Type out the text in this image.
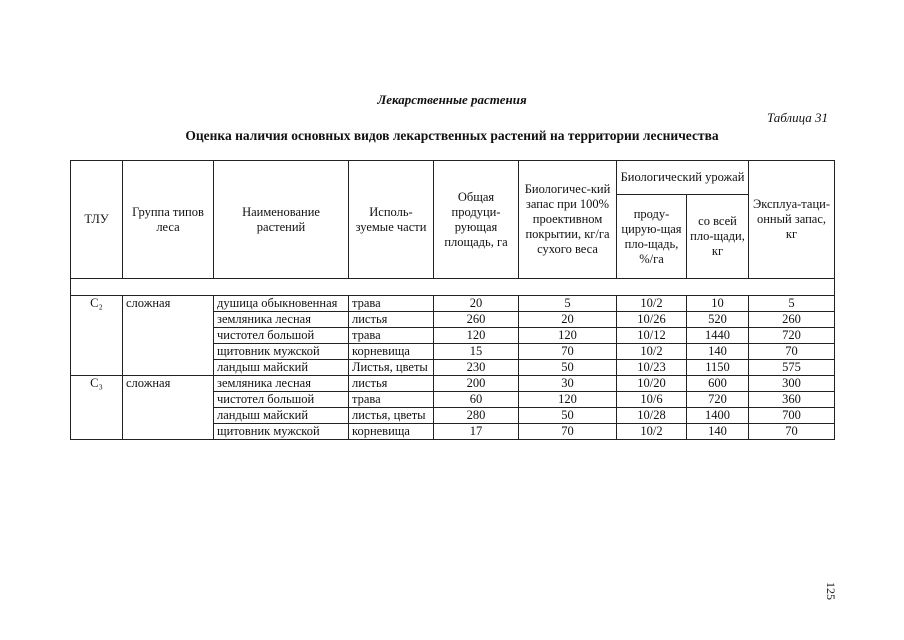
Лекарственные растения
Таблица 31
Оценка наличия основных видов лекарственных растений на территории лесничества
ТЛУ	Группа типов леса	Наименование растений	Исполь-зуемые части	Общая продуци-рующая площадь, га	Биологичес-кий запас при 100% проективном покрытии, кг/га сухого веса	Биологический урожай		Эксплуа-таци-онный запас, кг
						проду-цирую-щая пло-щадь, %/га	со всей пло-щади, кг	

C₂	сложная	душица обыкновенная	трава	20	5	10/2	10	5
		земляника лесная	листья	260	20	10/26	520	260
		чистотел большой	трава	120	120	10/12	1440	720
		щитовник мужской	корневища	15	70	10/2	140	70
		ландыш майский	Листья, цветы	230	50	10/23	1150	575
C₃	сложная	земляника лесная	листья	200	30	10/20	600	300
		чистотел большой	трава	60	120	10/6	720	360
		ландыш майский	листья, цветы	280	50	10/28	1400	700
		щитовник мужской	корневища	17	70	10/2	140	70
125
